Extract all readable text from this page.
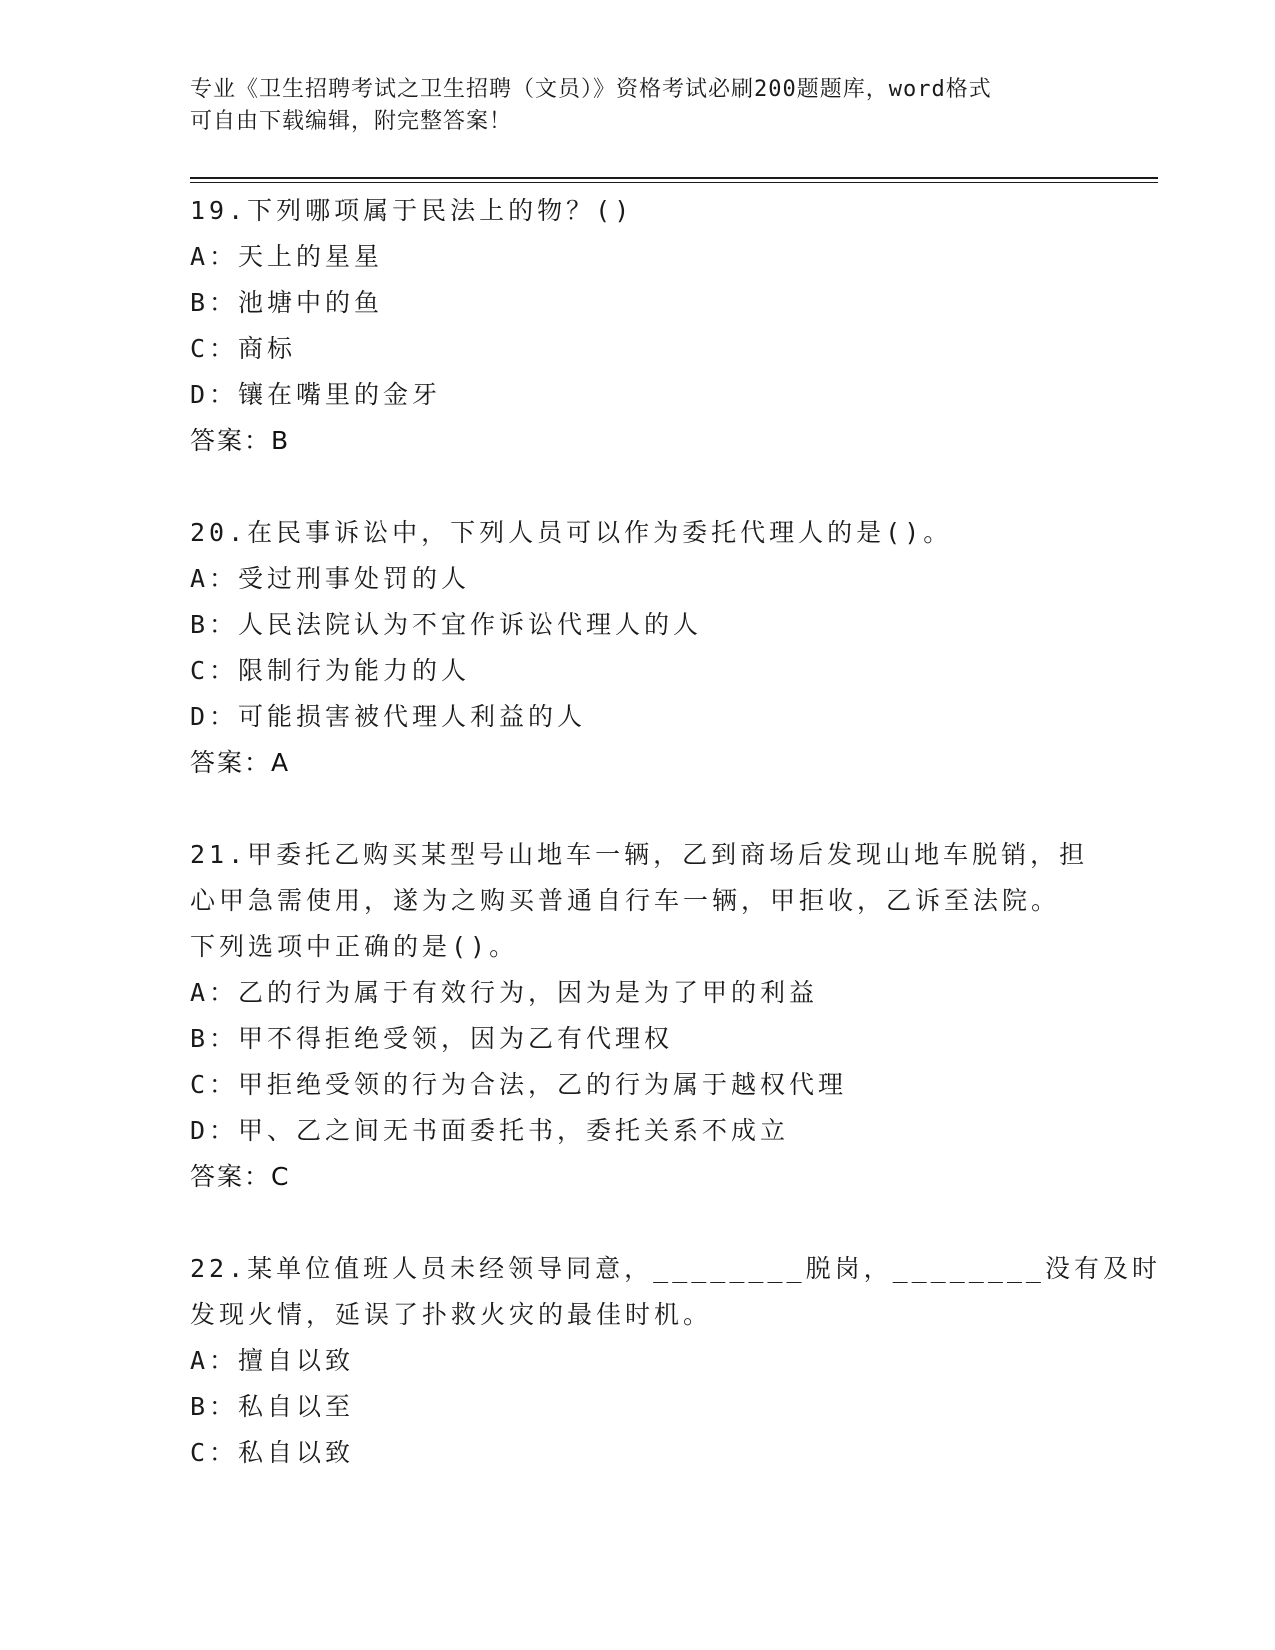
专业《卫生招聘考试之卫生招聘（文员）》资格考试必刷200题题库，word格式
可自由下载编辑，附完整答案！
19.下列哪项属于民法上的物？()
A：天上的星星
B：池塘中的鱼
C：商标
D：镶在嘴里的金牙
答案：B
20.在民事诉讼中，下列人员可以作为委托代理人的是()。
A：受过刑事处罚的人
B：人民法院认为不宜作诉讼代理人的人
C：限制行为能力的人
D：可能损害被代理人利益的人
答案：A
21.甲委托乙购买某型号山地车一辆，乙到商场后发现山地车脱销，担
心甲急需使用，遂为之购买普通自行车一辆，甲拒收，乙诉至法院。
下列选项中正确的是()。
A：乙的行为属于有效行为，因为是为了甲的利益
B：甲不得拒绝受领，因为乙有代理权
C：甲拒绝受领的行为合法，乙的行为属于越权代理
D：甲、乙之间无书面委托书，委托关系不成立
答案：C
22.某单位值班人员未经领导同意，________脱岗，________没有及时
发现火情，延误了扑救火灾的最佳时机。
A：擅自以致
B：私自以至
C：私自以致
